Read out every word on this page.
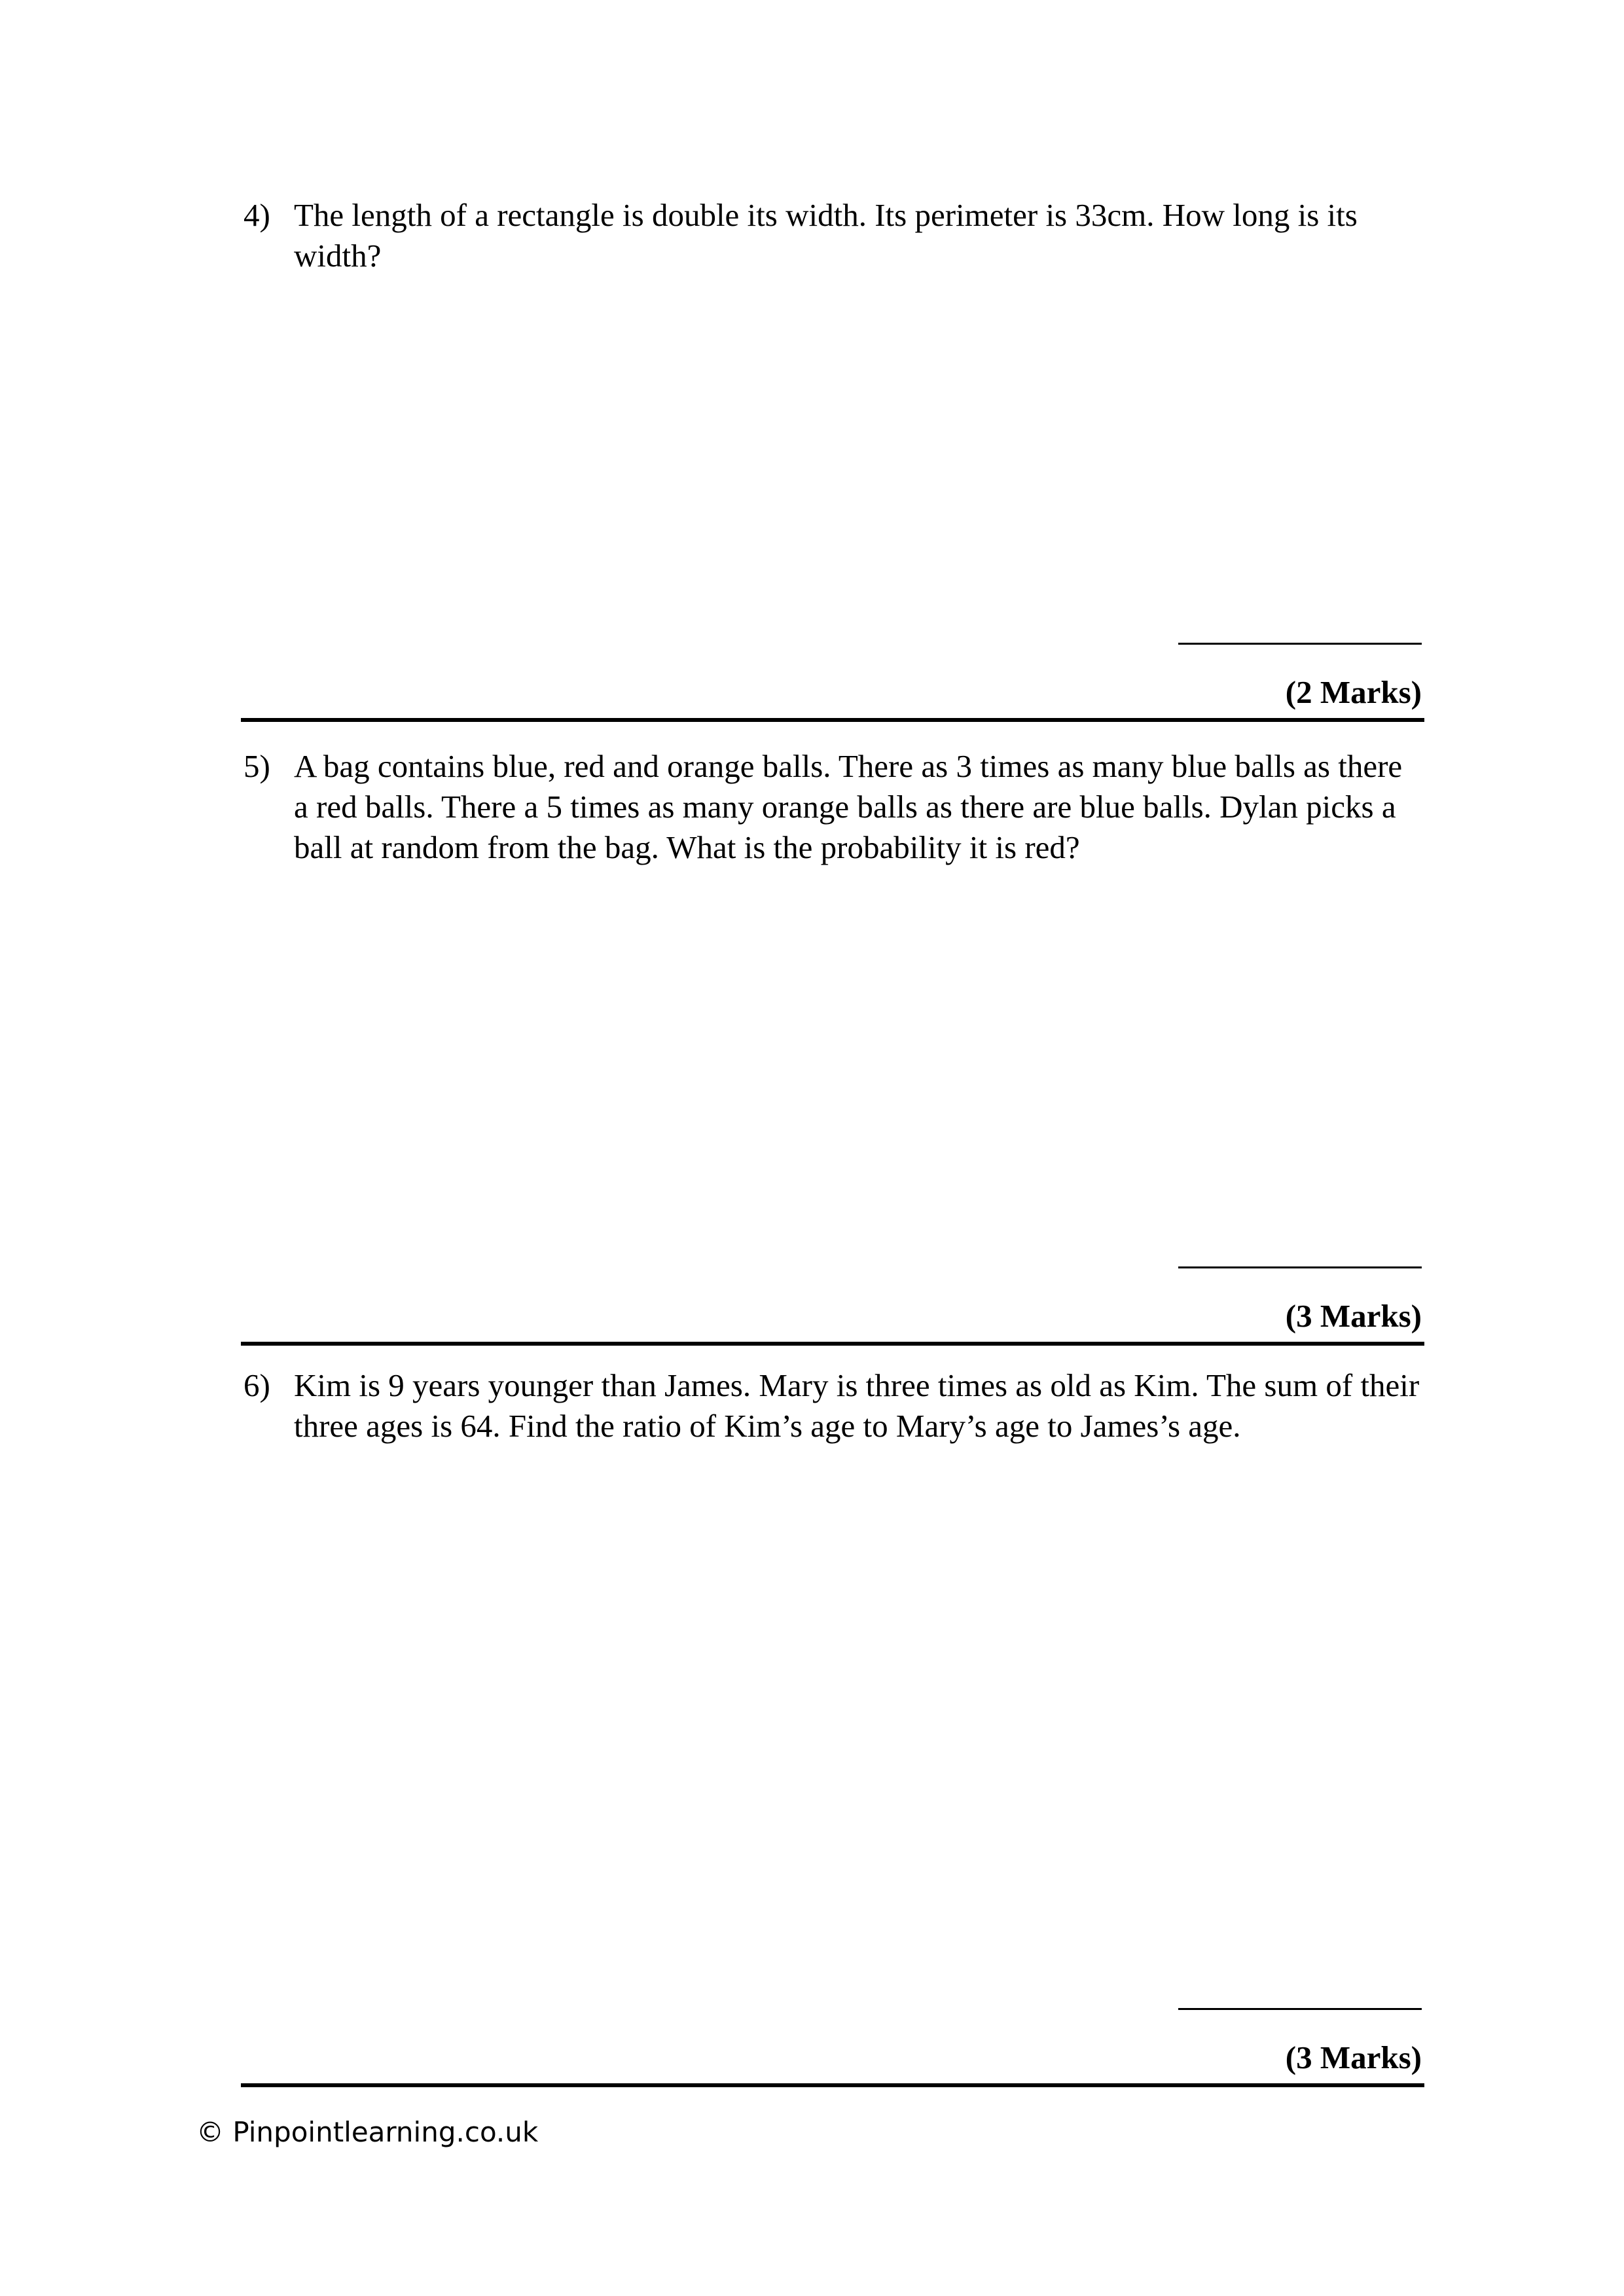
4) The length of a rectangle is double its width. Its perimeter is 33cm. How long is its width?
(2 Marks)
5) A bag contains blue, red and orange balls. There as 3 times as many blue balls as there a red balls. There a 5 times as many orange balls as there are blue balls. Dylan picks a ball at random from the bag. What is the probability it is red?
(3 Marks)
6) Kim is 9 years younger than James. Mary is three times as old as Kim. The sum of their three ages is 64. Find the ratio of Kim’s age to Mary’s age to James’s age.
(3 Marks)
© Pinpointlearning.co.uk
